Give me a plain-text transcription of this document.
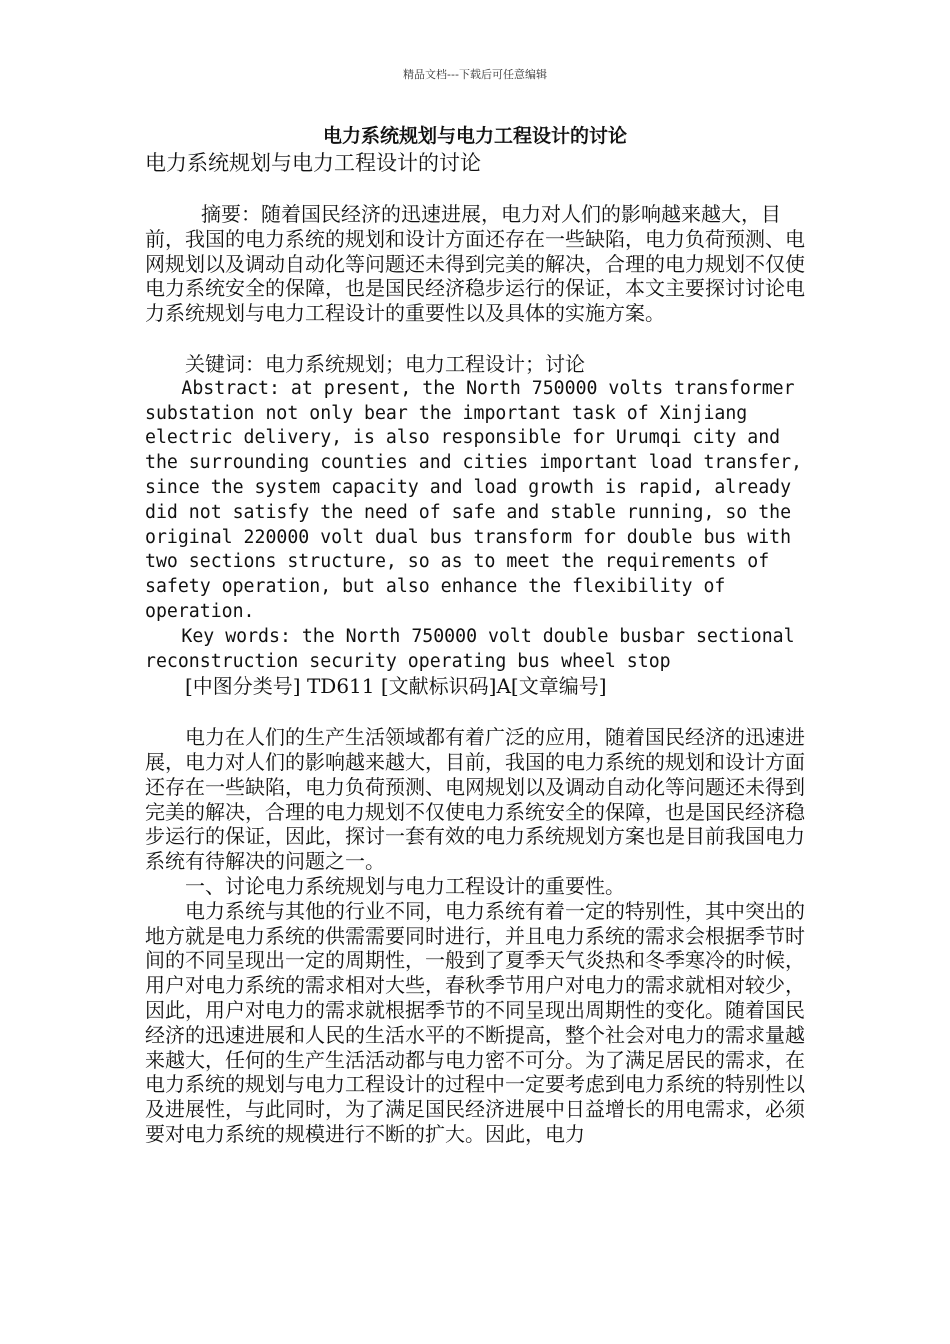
精品文档---下载后可任意编辑
电力系统规划与电力工程设计的讨论

电力系统规划与电力工程设计的讨论

摘要：随着国民经济的迅速进展，电力对人们的影响越来越大，目前，我国的电力系统的规划和设计方面还存在一些缺陷，电力负荷预测、电网规划以及调动自动化等问题还未得到完美的解决，合理的电力规划不仅使电力系统安全的保障，也是国民经济稳步运行的保证，本文主要探讨讨论电力系统规划与电力工程设计的重要性以及具体的实施方案。

关键词：电力系统规划；电力工程设计；讨论

Abstract: at present, the North 750000 volts transformer substation not only bear the important task of Xinjiang electric delivery, is also responsible for Urumqi city and the surrounding counties and cities important load transfer, since the system capacity and load growth is rapid, already did not satisfy the need of safe and stable running, so the original 220000 volt dual bus transform for double bus with two sections structure, so as to meet the requirements of safety operation, but also enhance the flexibility of operation.

Key words: the North 750000 volt double busbar sectional reconstruction security operating bus wheel stop

[中图分类号] TD611 [文献标识码]A[文章编号]

电力在人们的生产生活领域都有着广泛的应用，随着国民经济的迅速进展，电力对人们的影响越来越大，目前，我国的电力系统的规划和设计方面还存在一些缺陷，电力负荷预测、电网规划以及调动自动化等问题还未得到完美的解决，合理的电力规划不仅使电力系统安全的保障，也是国民经济稳步运行的保证，因此，探讨一套有效的电力系统规划方案也是目前我国电力系统有待解决的问题之一。

一、讨论电力系统规划与电力工程设计的重要性。

电力系统与其他的行业不同，电力系统有着一定的特别性，其中突出的地方就是电力系统的供需需要同时进行，并且电力系统的需求会根据季节时间的不同呈现出一定的周期性，一般到了夏季天气炎热和冬季寒冷的时候，用户对电力系统的需求相对大些，春秋季节用户对电力的需求就相对较少，因此，用户对电力的需求就根据季节的不同呈现出周期性的变化。随着国民经济的迅速进展和人民的生活水平的不断提高，整个社会对电力的需求量越来越大，任何的生产生活活动都与电力密不可分。为了满足居民的需求，在电力系统的规划与电力工程设计的过程中一定要考虑到电力系统的特别性以及进展性，与此同时，为了满足国民经济进展中日益增长的用电需求，必须要对电力系统的规模进行不断的扩大。因此，电力
